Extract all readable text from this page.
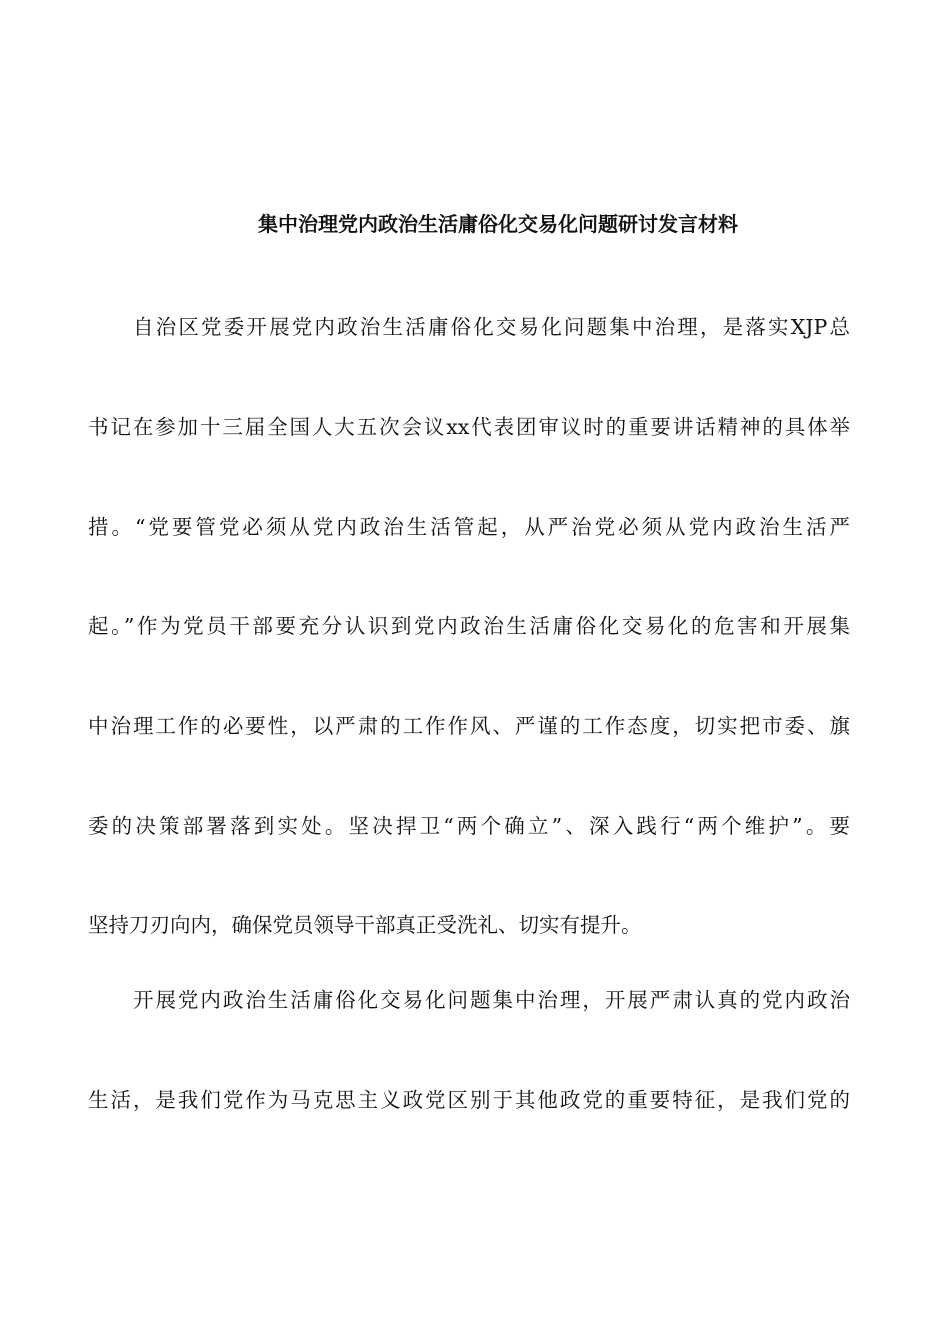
集中治理党内政治生活庸俗化交易化问题研讨发言材料
自治区党委开展党内政治生活庸俗化交易化问题集中治理，是落实XJP总
书记在参加十三届全国人大五次会议xx代表团审议时的重要讲话精神的具体举
措。“党要管党必须从党内政治生活管起，从严治党必须从党内政治生活严
起。”作为党员干部要充分认识到党内政治生活庸俗化交易化的危害和开展集
中治理工作的必要性，以严肃的工作作风、严谨的工作态度，切实把市委、旗
委的决策部署落到实处。坚决捍卫“两个确立”、深入践行“两个维护”。要
坚持刀刃向内，确保党员领导干部真正受洗礼、切实有提升。
开展党内政治生活庸俗化交易化问题集中治理，开展严肃认真的党内政治
生活，是我们党作为马克思主义政党区别于其他政党的重要特征，是我们党的
